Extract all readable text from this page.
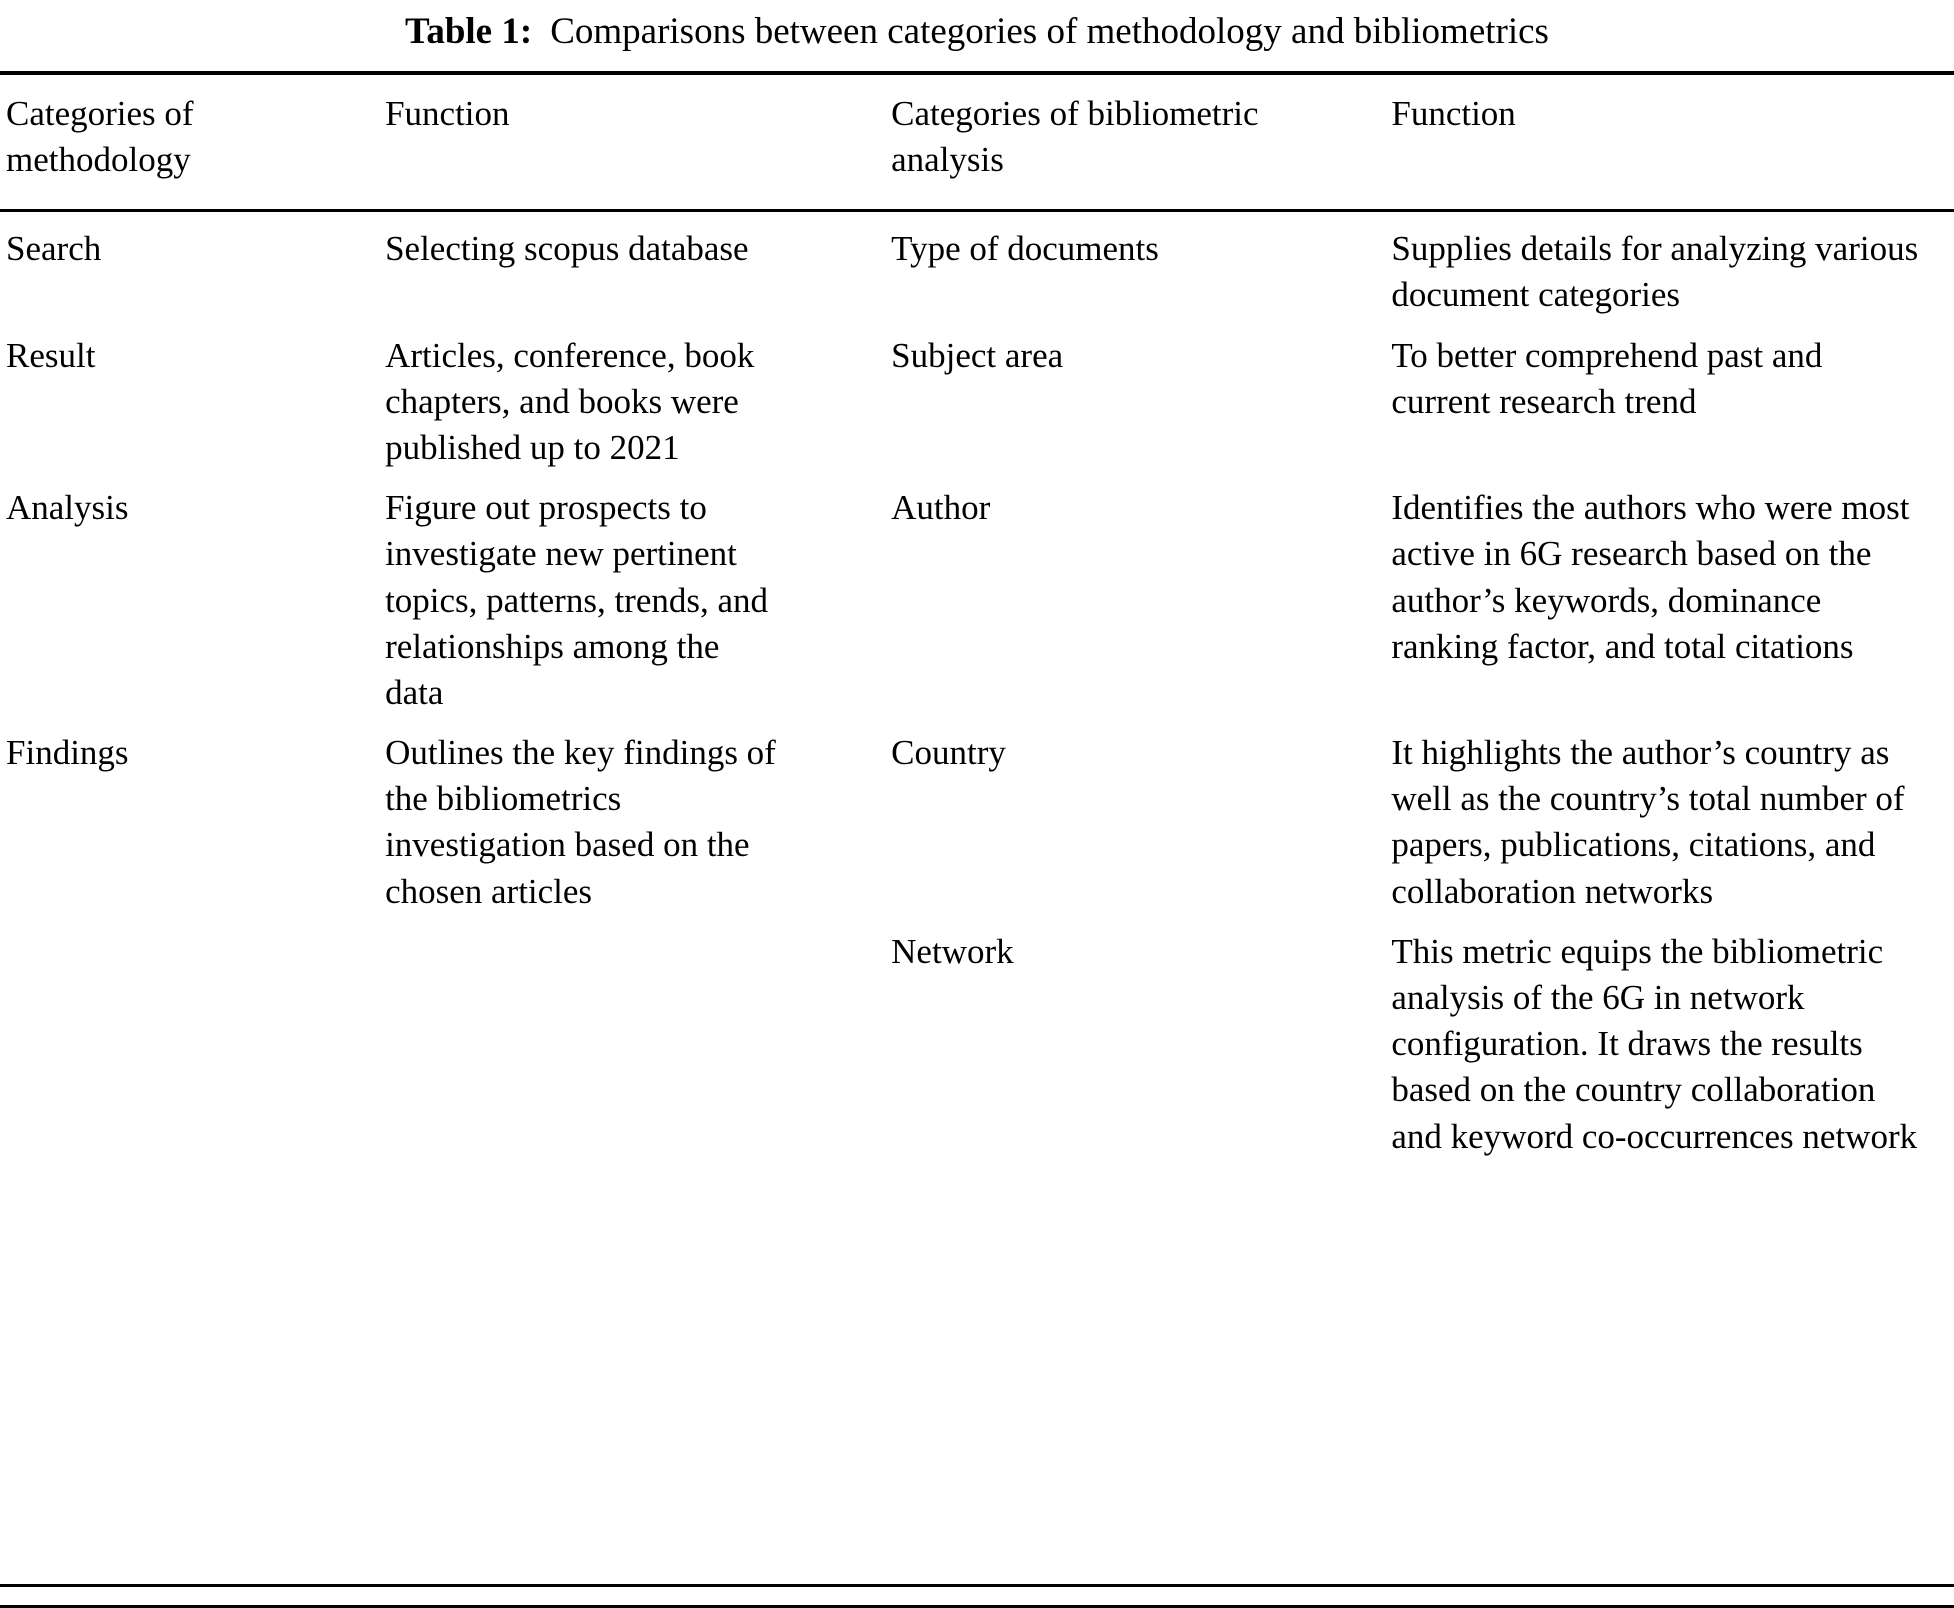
Table 1: Comparisons between categories of methodology and bibliometrics
Categories of methodology	Function	Categories of bibliometric analysis	Function
Search	Selecting scopus database	Type of documents	Supplies details for analyzing various document categories
Result	Articles, conference, book chapters, and books were published up to 2021	Subject area	To better comprehend past and current research trend
Analysis	Figure out prospects to investigate new pertinent topics, patterns, trends, and relationships among the data	Author	Identifies the authors who were most active in 6G research based on the author’s keywords, dominance ranking factor, and total citations
Findings	Outlines the key findings of the bibliometrics investigation based on the chosen articles	Country	It highlights the author’s country as well as the country’s total number of papers, publications, citations, and collaboration networks
		Network	This metric equips the bibliometric analysis of the 6G in network configuration. It draws the results based on the country collaboration and keyword co-occurrences network
